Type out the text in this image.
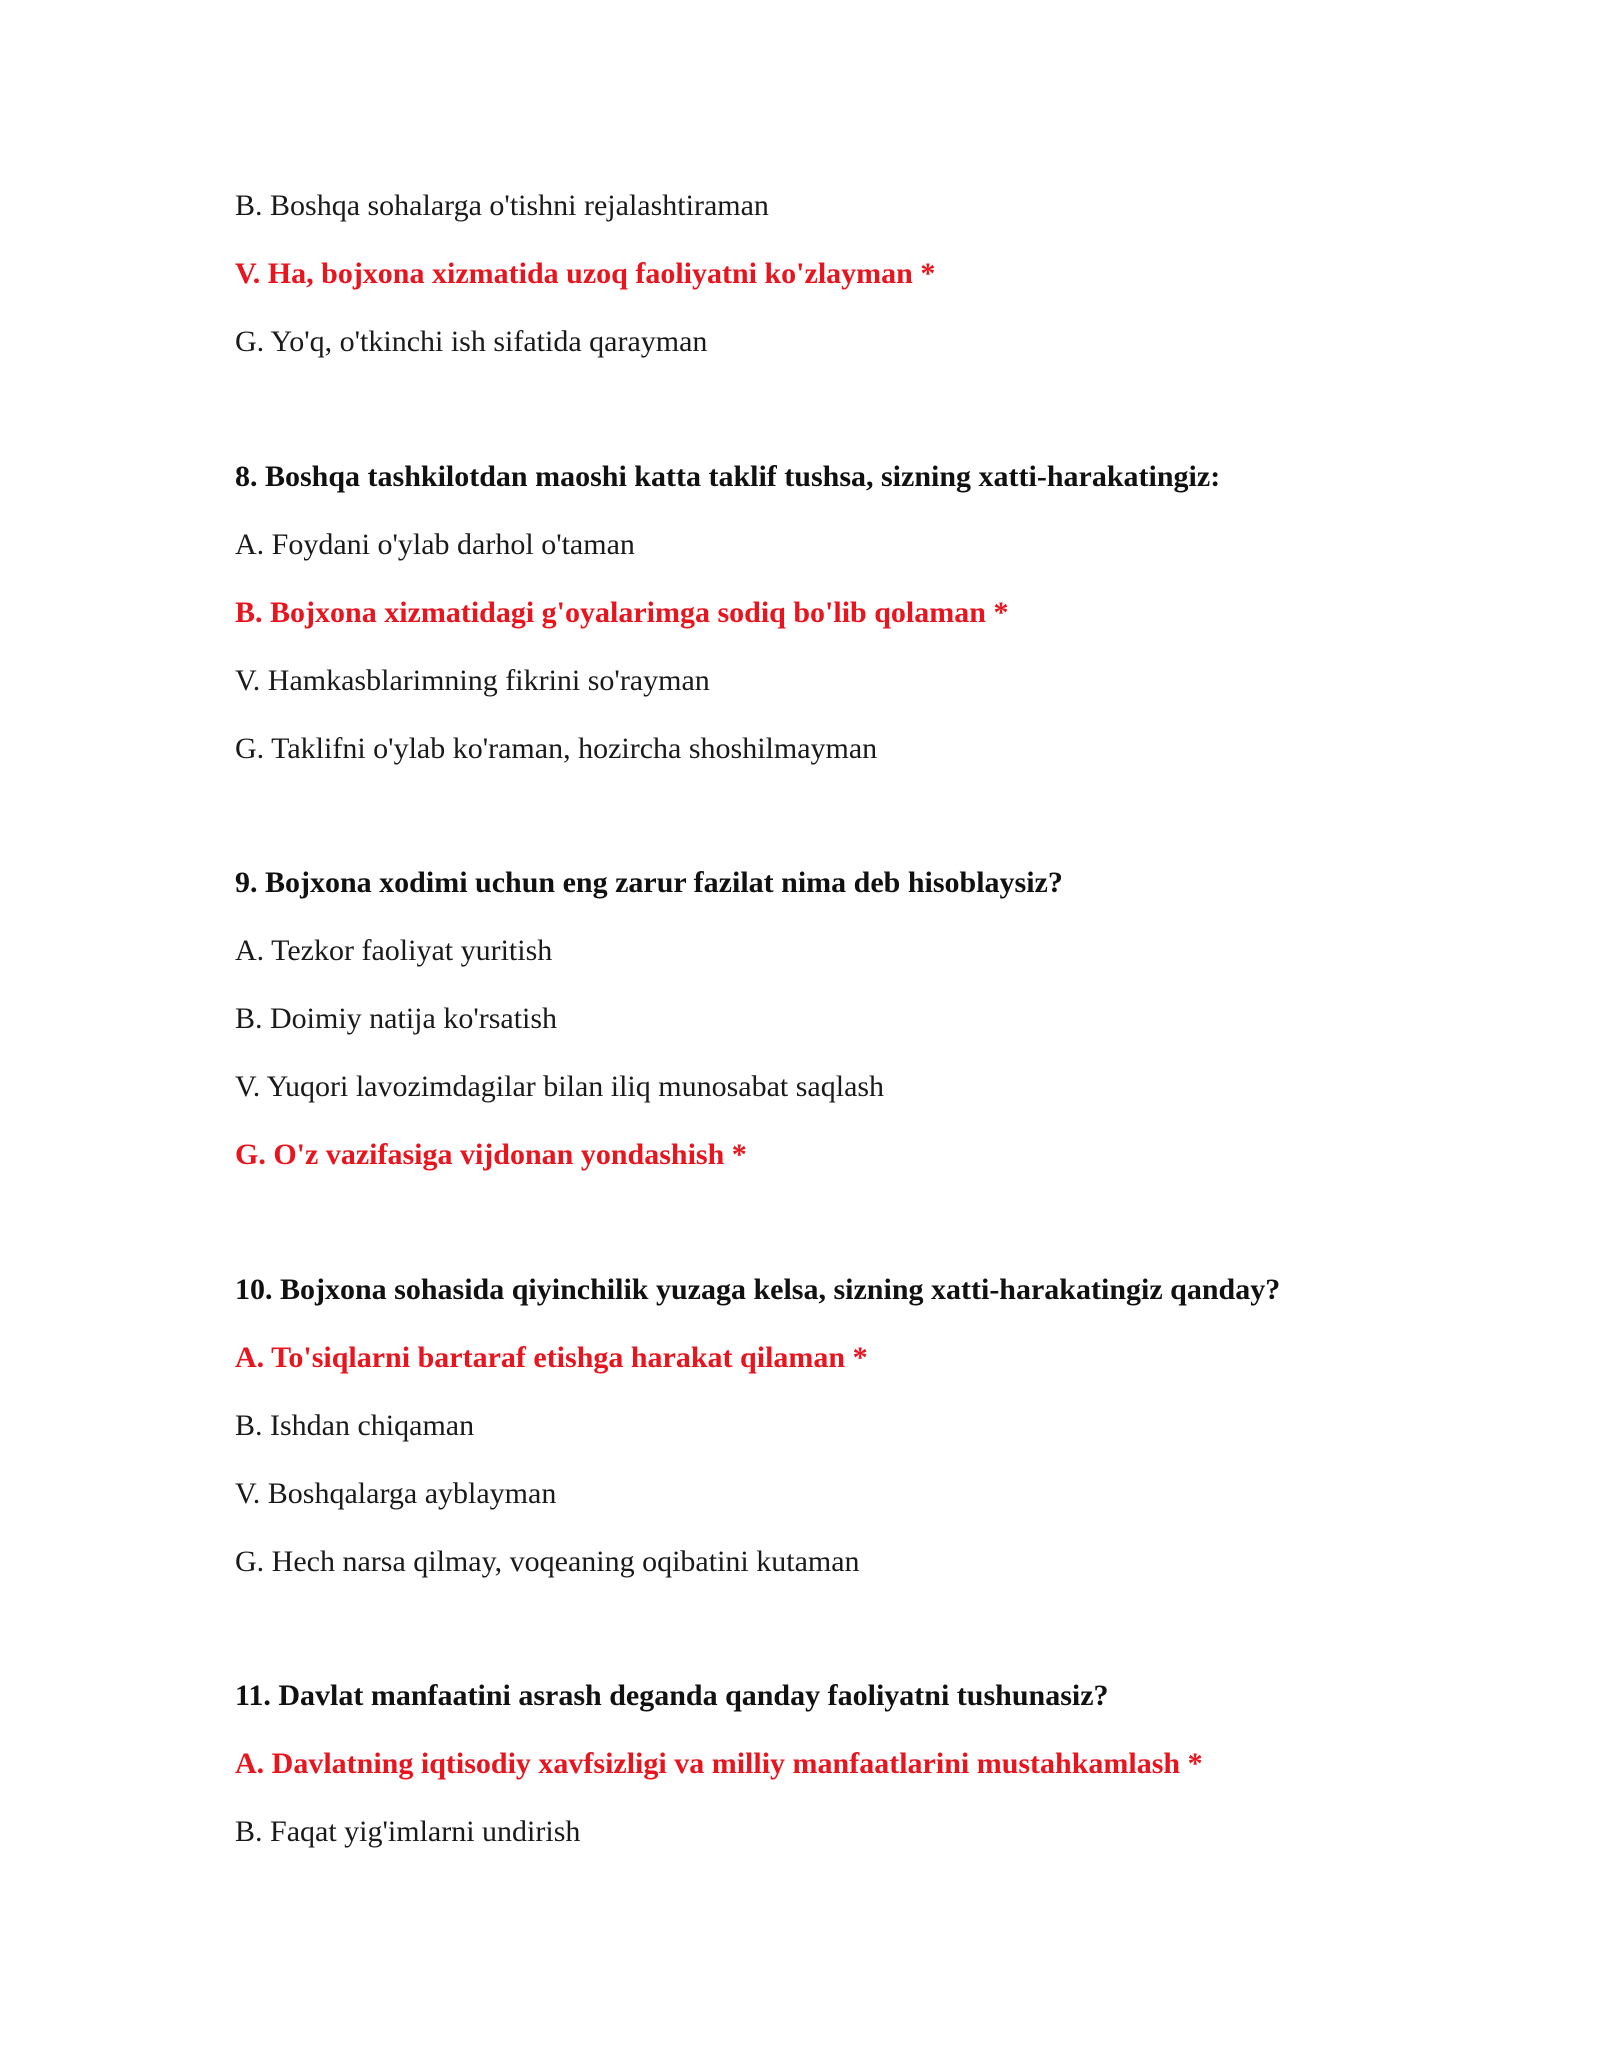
B. Boshqa sohalarga o'tishni rejalashtiraman
V. Ha, bojxona xizmatida uzoq faoliyatni ko'zlayman *
G. Yo'q, o'tkinchi ish sifatida qarayman
8. Boshqa tashkilotdan maoshi katta taklif tushsa, sizning xatti-harakatingiz:
A. Foydani o'ylab darhol o'taman
B. Bojxona xizmatidagi g'oyalarimga sodiq bo'lib qolaman *
V. Hamkasblarimning fikrini so'rayman
G. Taklifni o'ylab ko'raman, hozircha shoshilmayman
9. Bojxona xodimi uchun eng zarur fazilat nima deb hisoblaysiz?
A. Tezkor faoliyat yuritish
B. Doimiy natija ko'rsatish
V. Yuqori lavozimdagilar bilan iliq munosabat saqlash
G. O'z vazifasiga vijdonan yondashish *
10. Bojxona sohasida qiyinchilik yuzaga kelsa, sizning xatti-harakatingiz qanday?
A. To'siqlarni bartaraf etishga harakat qilaman *
B. Ishdan chiqaman
V. Boshqalarga ayblayman
G. Hech narsa qilmay, voqeaning oqibatini kutaman
11. Davlat manfaatini asrash deganda qanday faoliyatni tushunasiz?
A. Davlatning iqtisodiy xavfsizligi va milliy manfaatlarini mustahkamlash *
B. Faqat yig'imlarni undirish
